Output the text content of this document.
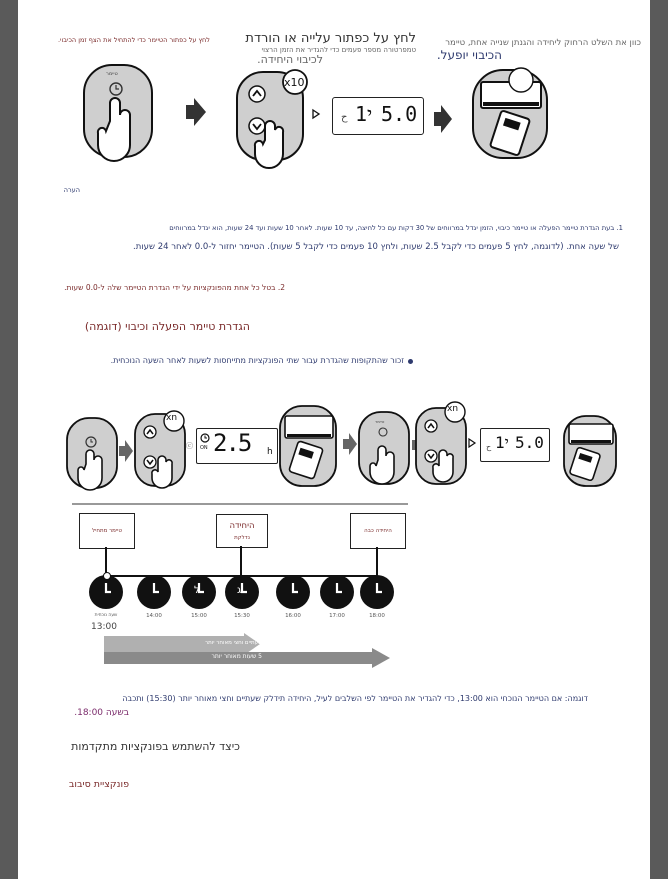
לחץ על כפתור הטיימר כדי להתחיל את הצף זמן הכיבוי.	לחץ על כפתור עלייה או הורדת
טמפרטורה מספר פעמים כדי להגדיר את הזמן הרצוי
לכיבוי היחידה.
כוון את השלט הרחוק ליחידה והגנתן שנייה אחת, טיימר
הכיבוי יופעל.
טיימר
x10
ح י1 5.0
הערה
1. בעת הגדרת טיימר הפעלה או טיימר כיבוי, הזמן יגדל במרווחים של 30 דקות עם כל לחיצה, עד 10 שעות. לאחר 10 שעות ועד 24 שעות, הוא יגדל במרווחים
של שעה אחת. (לדוגמה, לחץ 5 פעמים כדי לקבל 2.5 שעות, ולחץ 10 פעמים כדי לקבל 5 שעות). הטיימר יחזור ל-0.0 לאחר 24 שעות.
2. בטל כל אחת מהפונקציות על ידי הגדרת הטיימר שלה ל-0.0 שעות.
הגדרת טיימר הפעלה וכיבוי (דוגמה)
זכור שהתקופות שהגדרת עבור שתי הפונקציות מתייחסות לשעות לאחר השעה הנוכחית.
xn
ⓒ ON 2.5 h
טיימר
xn
ح י1 5.0
טיימר מתחיל	היחידה
נדלקת
היחידה כבה
ל	ג
שעה נוכחית	14:00	15:00	15:30	16:00	17:00	18:00
13:00
שעתיים וחצי מאוחר יותר
5 שעות מאוחר יותר
דוגמה: אם הטיימר הנוכחי הוא 13:00, כדי להגדיר את הטיימר לפי השלבים לעיל, היחידה תידלק שעתיים וחצי מאוחר יותר (15:30) ותכבה
בשעה 18:00.
כיצד להשתמש בפונקציות מתקדמות
פונקציית סיבוב
